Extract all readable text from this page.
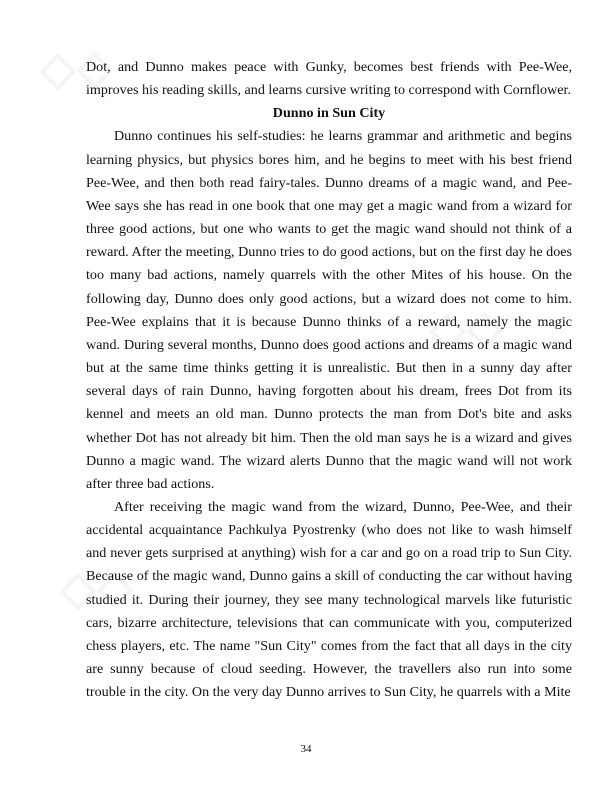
◇◇
◇◇
◇◇

Dot, and Dunno makes peace with Gunky, becomes best friends with Pee-Wee, improves his reading skills, and learns cursive writing to correspond with Cornflower.

Dunno in Sun City

Dunno continues his self-studies: he learns grammar and arithmetic and begins learning physics, but physics bores him, and he begins to meet with his best friend Pee-Wee, and then both read fairy-tales. Dunno dreams of a magic wand, and Pee-Wee says she has read in one book that one may get a magic wand from a wizard for three good actions, but one who wants to get the magic wand should not think of a reward. After the meeting, Dunno tries to do good actions, but on the first day he does too many bad actions, namely quarrels with the other Mites of his house. On the following day, Dunno does only good actions, but a wizard does not come to him. Pee-Wee explains that it is because Dunno thinks of a reward, namely the magic wand. During several months, Dunno does good actions and dreams of a magic wand but at the same time thinks getting it is unrealistic. But then in a sunny day after several days of rain Dunno, having forgotten about his dream, frees Dot from its kennel and meets an old man. Dunno protects the man from Dot's bite and asks whether Dot has not already bit him. Then the old man says he is a wizard and gives Dunno a magic wand. The wizard alerts Dunno that the magic wand will not work after three bad actions.

After receiving the magic wand from the wizard, Dunno, Pee-Wee, and their accidental acquaintance Pachkulya Pyostrenky (who does not like to wash himself and never gets surprised at anything) wish for a car and go on a road trip to Sun City. Because of the magic wand, Dunno gains a skill of conducting the car without having studied it. During their journey, they see many technological marvels like futuristic cars, bizarre architecture, televisions that can communicate with you, computerized chess players, etc. The name "Sun City" comes from the fact that all days in the city are sunny because of cloud seeding. However, the travellers also run into some trouble in the city. On the very day Dunno arrives to Sun City, he quarrels with a Mite

34
